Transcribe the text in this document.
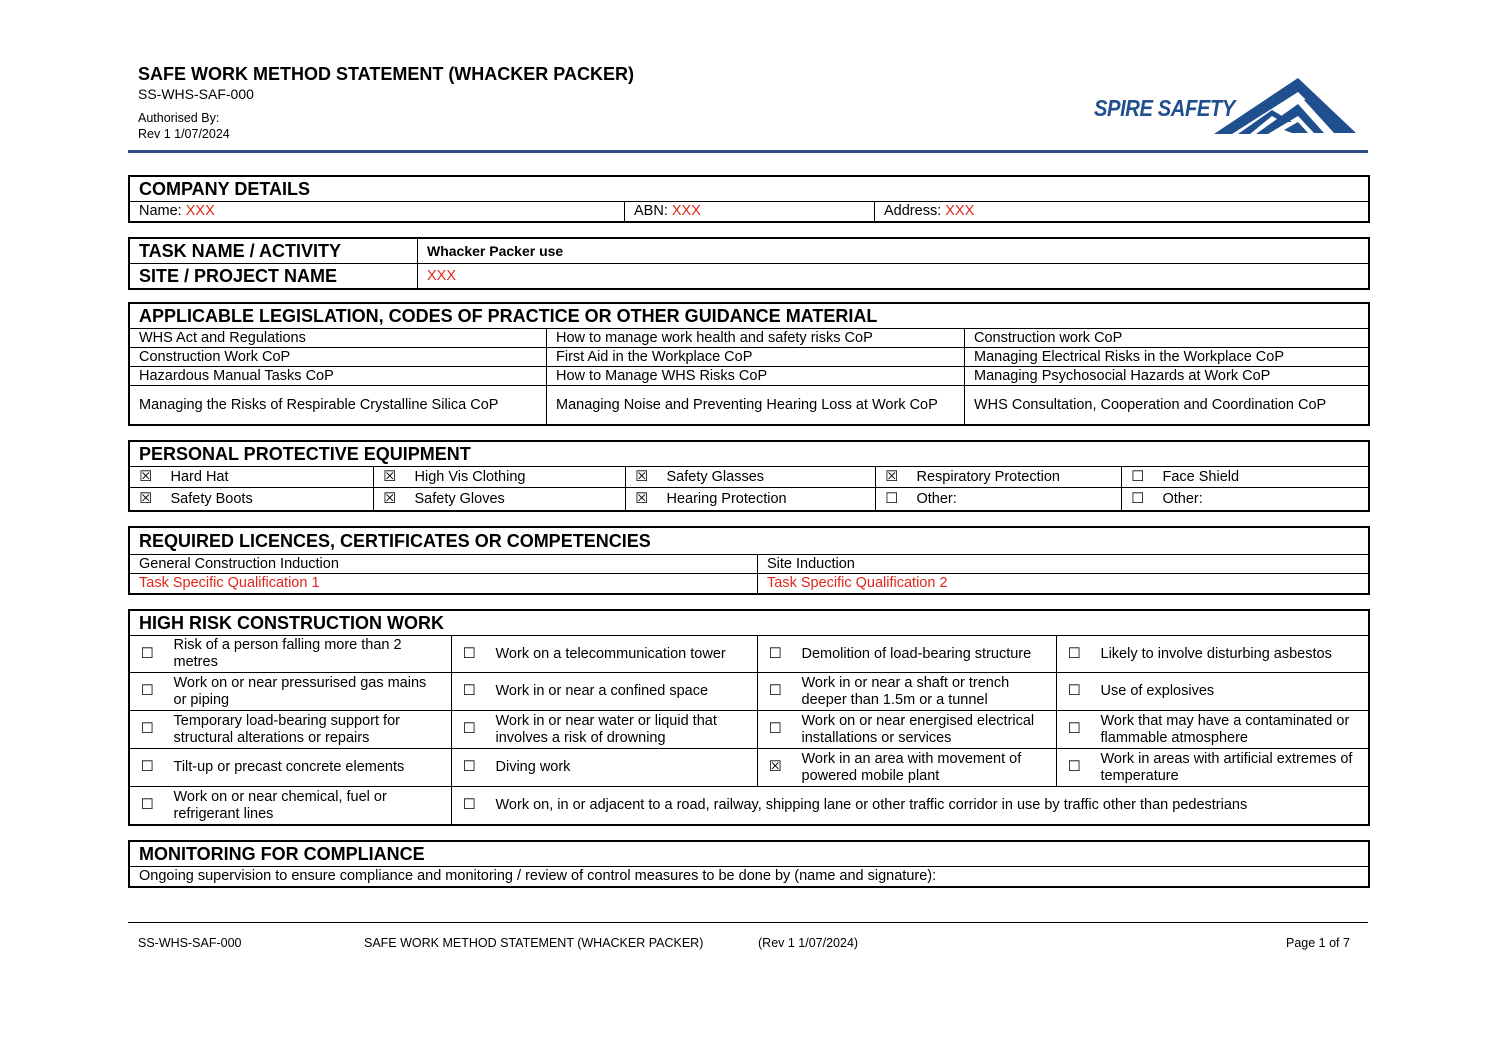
SAFE WORK METHOD STATEMENT (WHACKER PACKER)
SS-WHS-SAF-000
Authorised By:
Rev 1 1/07/2024
SPIRE SAFETY
COMPANY DETAILS
Name: XXX	ABN: XXX	Address: XXX
TASK NAME / ACTIVITY	Whacker Packer use
SITE / PROJECT NAME	XXX
APPLICABLE LEGISLATION, CODES OF PRACTICE OR OTHER GUIDANCE MATERIAL		
WHS Act and Regulations	How to manage work health and safety risks CoP	Construction work CoP
Construction Work CoP	First Aid in the Workplace CoP	Managing Electrical Risks in the Workplace CoP
Hazardous Manual Tasks CoP	How to Manage WHS Risks CoP	Managing Psychosocial Hazards at Work CoP
Managing the Risks of Respirable Crystalline Silica CoP	Managing Noise and Preventing Hearing Loss at Work CoP	WHS Consultation, Cooperation and Coordination CoP
PERSONAL PROTECTIVE EQUIPMENT									
☒	Hard Hat	☒	High Vis Clothing	☒	Safety Glasses	☒	Respiratory Protection	☐	Face Shield
☒	Safety Boots	☒	Safety Gloves	☒	Hearing Protection	☐	Other:	☐	Other:
REQUIRED LICENCES, CERTIFICATES OR COMPETENCIES	
General Construction Induction	Site Induction
Task Specific Qualification 1	Task Specific Qualification 2
HIGH RISK CONSTRUCTION WORK							
☐	Risk of a person falling more than 2 metres	☐	Work on a telecommunication tower	☐	Demolition of load-bearing structure	☐	Likely to involve disturbing asbestos
☐	Work on or near pressurised gas mains or piping	☐	Work in or near a confined space	☐	Work in or near a shaft or trench deeper than 1.5m or a tunnel	☐	Use of explosives
☐	Temporary load-bearing support for structural alterations or repairs	☐	Work in or near water or liquid that involves a risk of drowning	☐	Work on or near energised electrical installations or services	☐	Work that may have a contaminated or flammable atmosphere
☐	Tilt-up or precast concrete elements	☐	Diving work	☒	Work in an area with movement of powered mobile plant	☐	Work in areas with artificial extremes of temperature
☐	Work on or near chemical, fuel or refrigerant lines	☐	Work on, in or adjacent to a road, railway, shipping lane or other traffic corridor in use by traffic other than pedestrians				
MONITORING FOR COMPLIANCE
Ongoing supervision to ensure compliance and monitoring / review of control measures to be done by (name and signature):
SS-WHS-SAF-000	SAFE WORK METHOD STATEMENT (WHACKER PACKER)	(Rev 1 1/07/2024)	Page 1 of 7
